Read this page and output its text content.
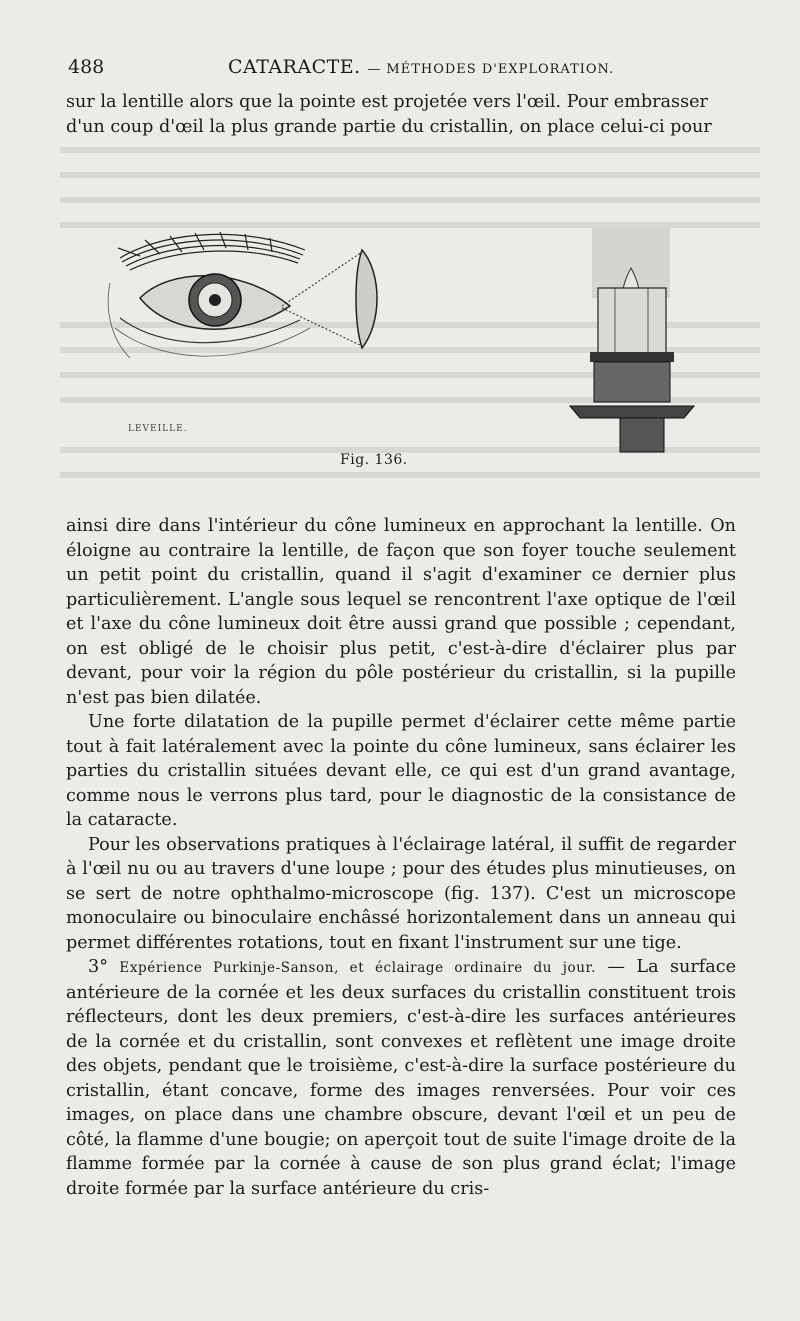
488	CATARACTE. — MÉTHODES D'EXPLORATION.

sur la lentille alors que la pointe est projetée vers l'œil. Pour embrasser

d'un coup d'œil la plus grande partie du cristallin, on place celui-ci pour

LEVEILLE.
Fig. 136.

ainsi dire dans l'intérieur du cône lumineux en approchant la lentille. On éloigne au contraire la lentille, de façon que son foyer touche seulement un petit point du cristallin, quand il s'agit d'examiner ce dernier plus particulièrement. L'angle sous lequel se rencontrent l'axe optique de l'œil et l'axe du cône lumineux doit être aussi grand que possible ; cependant, on est obligé de le choisir plus petit, c'est-à-dire d'éclairer plus par devant, pour voir la région du pôle postérieur du cristallin, si la pupille n'est pas bien dilatée.

Une forte dilatation de la pupille permet d'éclairer cette même partie tout à fait latéralement avec la pointe du cône lumineux, sans éclairer les parties du cristallin situées devant elle, ce qui est d'un grand avantage, comme nous le verrons plus tard, pour le diagnostic de la consistance de la cataracte.

Pour les observations pratiques à l'éclairage latéral, il suffit de regarder à l'œil nu ou au travers d'une loupe ; pour des études plus minutieuses, on se sert de notre ophthalmo-microscope (fig. 137). C'est un microscope monoculaire ou binoculaire enchâssé horizontalement dans un anneau qui permet différentes rotations, tout en fixant l'instrument sur une tige.

3° Expérience Purkinje-Sanson, et éclairage ordinaire du jour. — La surface antérieure de la cornée et les deux surfaces du cristallin constituent trois réflecteurs, dont les deux premiers, c'est-à-dire les surfaces antérieures de la cornée et du cristallin, sont convexes et reflètent une image droite des objets, pendant que le troisième, c'est-à-dire la surface postérieure du cristallin, étant concave, forme des images renversées. Pour voir ces images, on place dans une chambre obscure, devant l'œil et un peu de côté, la flamme d'une bougie; on aperçoit tout de suite l'image droite de la flamme formée par la cornée à cause de son plus grand éclat; l'image droite formée par la surface antérieure du cris-
